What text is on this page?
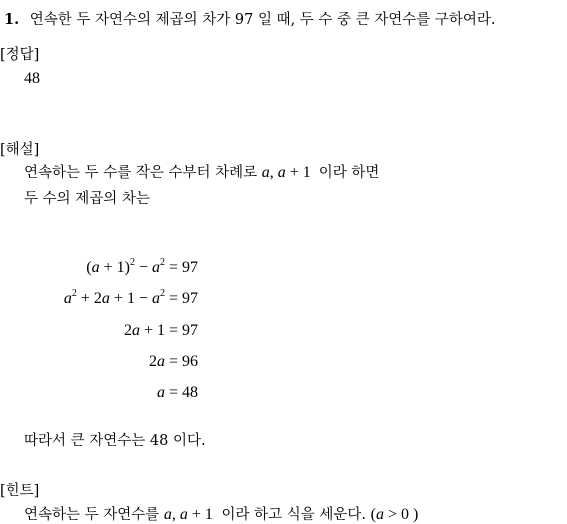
1. 연속한 두 자연수의 제곱의 차가 97 일 때, 두 수 중 큰 자연수를 구하여라.
[정답]
48
[해설]
연속하는 두 수를 작은 수부터 차례로 a, a + 1 이라 하면
두 수의 제곱의 차는
$(a + 1)^2 - a^2 = 97$
$a^2 + 2a + 1 - a^2 = 97$
2a + 1 = 97
2a = 96
a = 48
따라서 큰 자연수는 48 이다.
[힌트]
연속하는 두 자연수를 a, a + 1 이라 하고 식을 세운다. (a > 0 )
